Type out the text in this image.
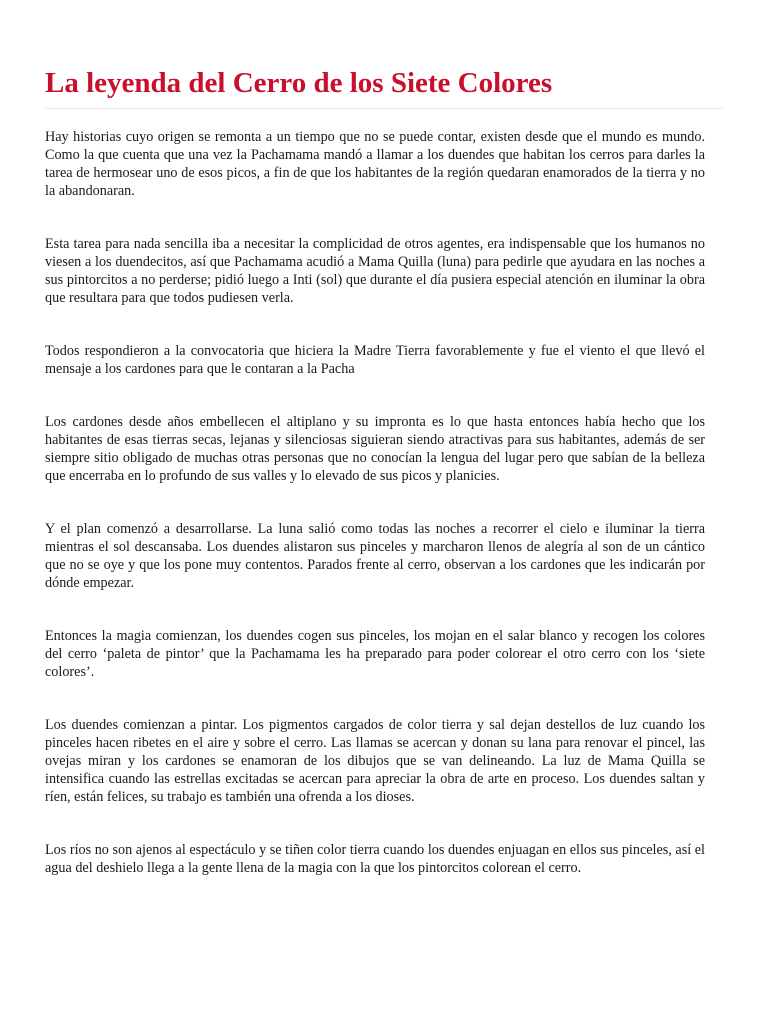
La leyenda del Cerro de los Siete Colores

Hay historias cuyo origen se remonta a un tiempo que no se puede contar, existen desde que el mundo es mundo. Como la que cuenta que una vez la Pachamama mandó a llamar a los duendes que habitan los cerros para darles la tarea de hermosear uno de esos picos, a fin de que los habitantes de la región quedaran enamorados de la tierra y no la abandonaran.

Esta tarea para nada sencilla iba a necesitar la complicidad de otros agentes, era indispensable que los humanos no viesen a los duendecitos, así que Pachamama acudió a Mama Quilla (luna) para pedirle que ayudara en las noches a sus pintorcitos a no perderse; pidió luego a Inti (sol) que durante el día pusiera especial atención en iluminar la obra que resultara para que todos pudiesen verla.

Todos respondieron a la convocatoria que hiciera la Madre Tierra favorablemente y fue el viento el que llevó el mensaje a los cardones para que le contaran a la Pacha

Los cardones desde años embellecen el altiplano y su impronta es lo que hasta entonces había hecho que los habitantes de esas tierras secas, lejanas y silenciosas siguieran siendo atractivas para sus habitantes, además de ser siempre sitio obligado de muchas otras personas que no conocían la lengua del lugar pero que sabían de la belleza que encerraba en lo profundo de sus valles y lo elevado de sus picos y planicies.

Y el plan comenzó a desarrollarse. La luna salió como todas las noches a recorrer el cielo e iluminar la tierra mientras el sol descansaba. Los duendes alistaron sus pinceles y marcharon llenos de alegría al son de un cántico que no se oye y que los pone muy contentos. Parados frente al cerro, observan a los cardones que les indicarán por dónde empezar.

Entonces la magia comienzan, los duendes cogen sus pinceles, los mojan en el salar blanco y recogen los colores del cerro ‘paleta de pintor’ que la Pachamama les ha preparado para poder colorear el otro cerro con los ‘siete colores’.

Los duendes comienzan a pintar. Los pigmentos cargados de color tierra y sal dejan destellos de luz cuando los pinceles hacen ribetes en el aire y sobre el cerro. Las llamas se acercan y donan su lana para renovar el pincel, las ovejas miran y los cardones se enamoran de los dibujos que se van delineando. La luz de Mama Quilla se intensifica cuando las estrellas excitadas se acercan para apreciar la obra de arte en proceso. Los duendes saltan y ríen, están felices, su trabajo es también una ofrenda a los dioses.

Los ríos no son ajenos al espectáculo y se tiñen color tierra cuando los duendes enjuagan en ellos sus pinceles, así el agua del deshielo llega a la gente llena de la magia con la que los pintorcitos colorean el cerro.
